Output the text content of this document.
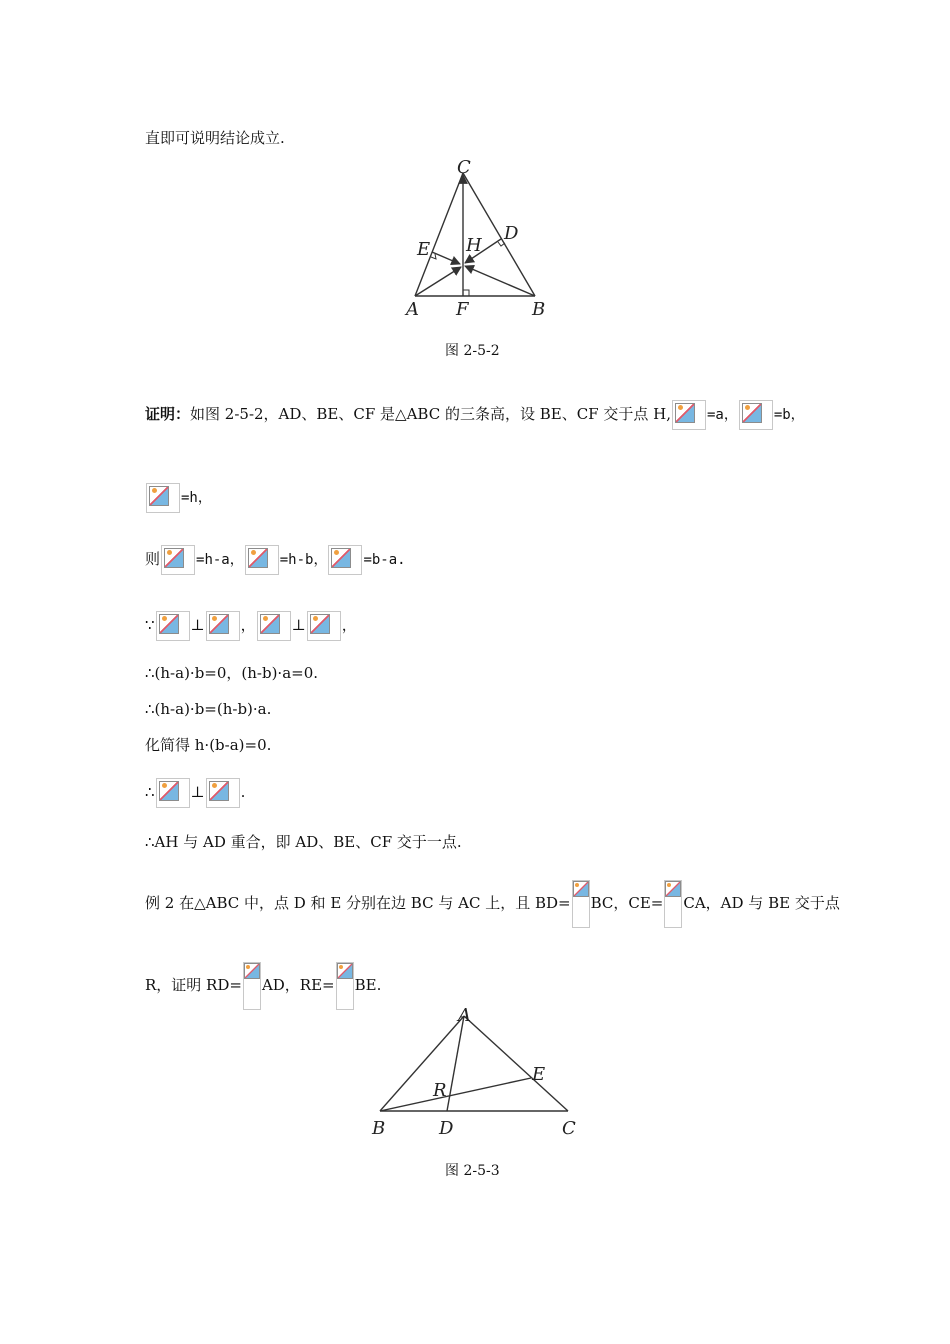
直即可说明结论成立.
C
D
E H
A F	B
图 2-5-2
证明：如图 2-5-2，AD、BE、CF 是△ABC 的三条高，设 BE、CF 交于点 H,	=a，	=b，
=h，
则	=h-a，	=h-b，	=b-a.
∵ ⊥ ， ⊥ ，
∴(h-a)·b=0，(h-b)·a=0.
∴(h-a)·b=(h-b)·a.
化简得 h·(b-a)=0.
∴ ⊥ .
∴AH 与 AD 重合，即 AD、BE、CF 交于一点.
例 2 在△ABC 中，点 D 和 E 分别在边 BC 与 AC 上，且 BD= BC，CE= CA，AD 与 BE 交于点
R，证明 RD= AD，RE= BE.
A
E
R
B	D	C
图 2-5-3
